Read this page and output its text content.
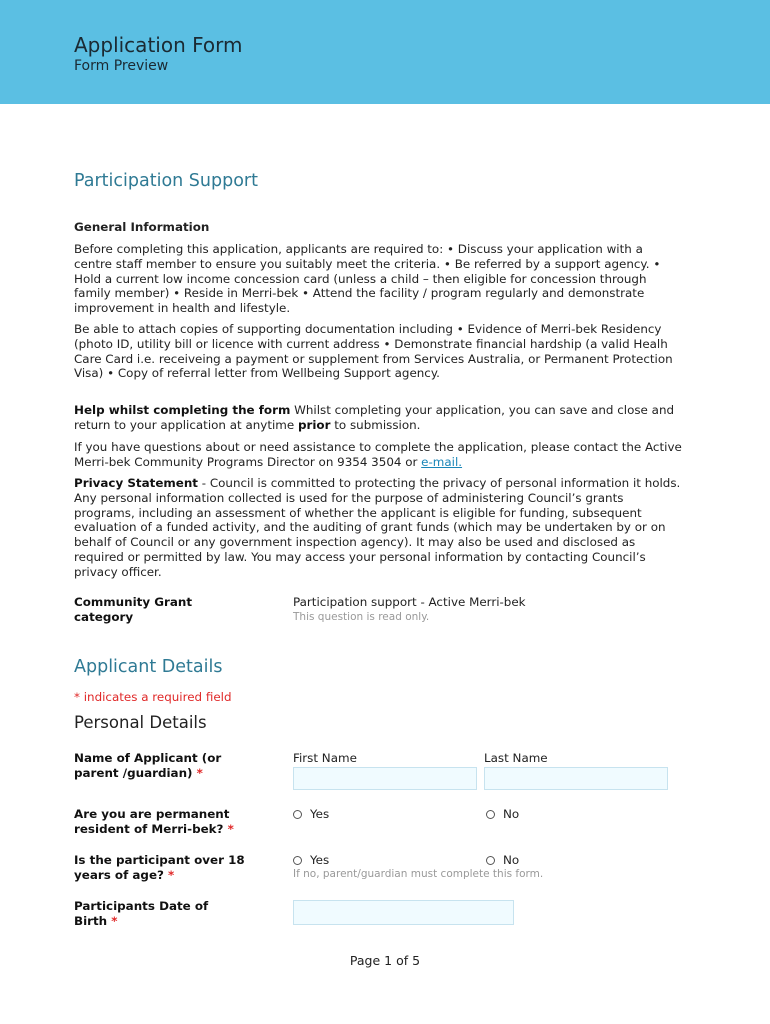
Application Form
Form Preview
Participation Support
General Information
Before completing this application, applicants are required to: • Discuss your application with a centre staff member to ensure you suitably meet the criteria. • Be referred by a support agency. • Hold a current low income concession card (unless a child – then eligible for concession through family member) • Reside in Merri-bek • Attend the facility / program regularly and demonstrate improvement in health and lifestyle.
Be able to attach copies of supporting documentation including • Evidence of Merri-bek Residency (photo ID, utility bill or licence with current address • Demonstrate financial hardship (a valid Healh Care Card i.e. receiveing a payment or supplement from Services Australia, or Permanent Protection Visa) • Copy of referral letter from Wellbeing Support agency.
Help whilst completing the form Whilst completing your application, you can save and close and return to your application at anytime prior to submission.
If you have questions about or need assistance to complete the application, please contact the Active Merri-bek Community Programs Director on 9354 3504 or e-mail.
Privacy Statement - Council is committed to protecting the privacy of personal information it holds. Any personal information collected is used for the purpose of administering Council’s grants programs, including an assessment of whether the applicant is eligible for funding, subsequent evaluation of a funded activity, and the auditing of grant funds (which may be undertaken by or on behalf of Council or any government inspection agency). It may also be used and disclosed as required or permitted by law. You may access your personal information by contacting Council’s privacy officer.
Community Grant category
Participation support - Active Merri-bek
This question is read only.
Applicant Details
* indicates a required field
Personal Details
Name of Applicant (or parent /guardian) *
First Name	Last Name
Are you are permanent resident of Merri-bek? *
Yes	No
Is the participant over 18 years of age? *
Yes	No
If no, parent/guardian must complete this form.
Participants Date of Birth *
Page 1 of 5
